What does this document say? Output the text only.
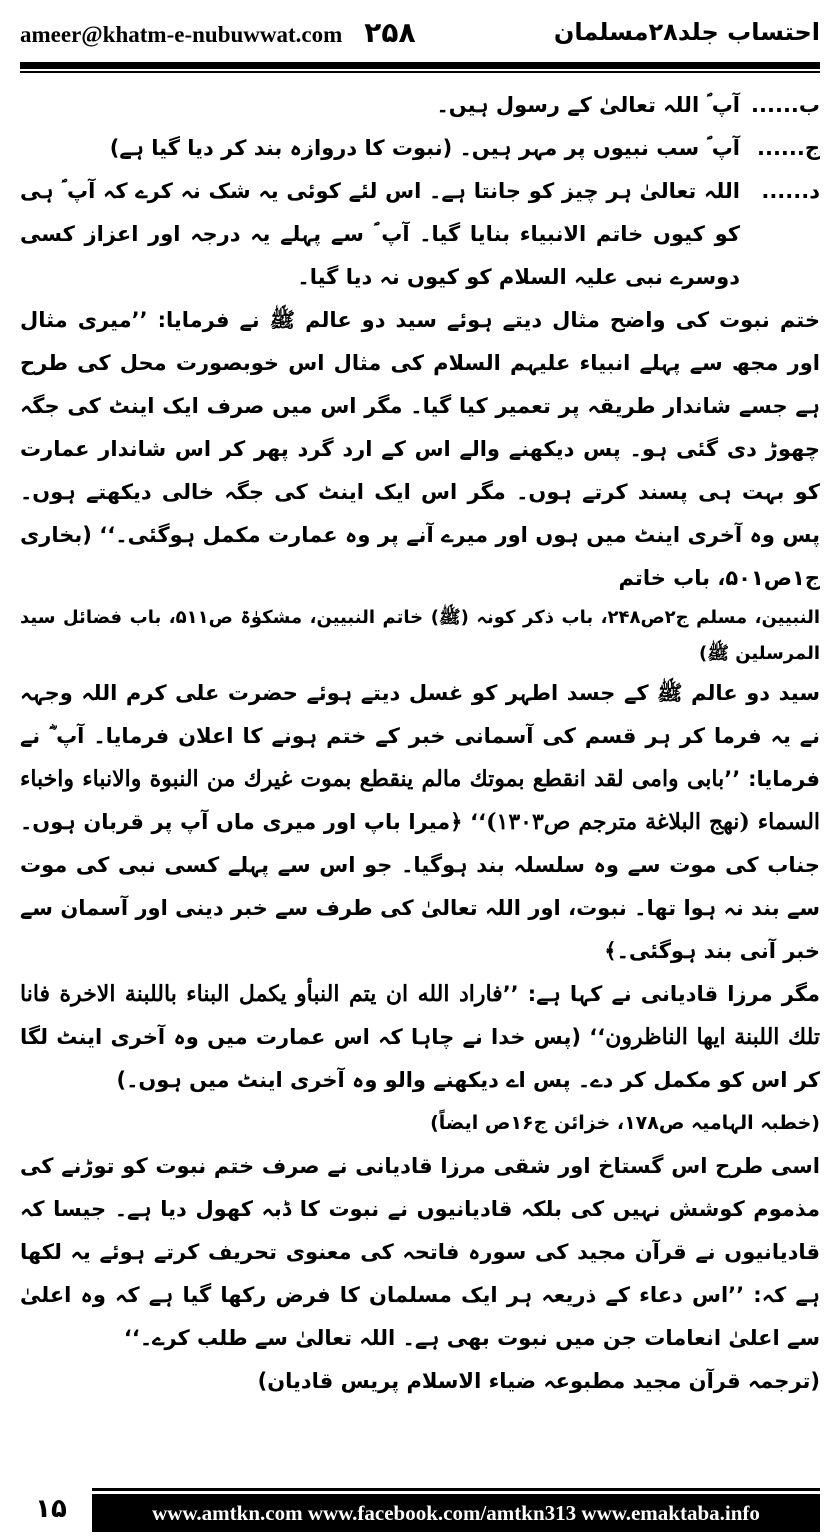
ameer@khatm-e-nubuwwat.com ۲۵۸	احتساب جلد۲۸مسلمان
ب......
آپ ؐ اللہ تعالیٰ کے رسول ہیں۔
ج......
آپ ؐ سب نبیوں پر مہر ہیں۔ (نبوت کا دروازہ بند کر دیا گیا ہے)
د......
اللہ تعالیٰ ہر چیز کو جانتا ہے۔ اس لئے کوئی یہ شک نہ کرے کہ آپ ؐ ہی کو کیوں خاتم الانبیاء بنایا گیا۔ آپ ؐ سے پہلے یہ درجہ اور اعزاز کسی دوسرے نبی علیہ السلام کو کیوں نہ دیا گیا۔

ختم نبوت کی واضح مثال دیتے ہوئے سید دو عالم ﷺ نے فرمایا: ’’میری مثال اور مجھ سے پہلے انبیاء علیہم السلام کی مثال اس خوبصورت محل کی طرح ہے جسے شاندار طریقہ پر تعمیر کیا گیا۔ مگر اس میں صرف ایک اینٹ کی جگہ چھوڑ دی گئی ہو۔ پس دیکھنے والے اس کے ارد گرد پھر کر اس شاندار عمارت کو بہت ہی پسند کرتے ہوں۔ مگر اس ایک اینٹ کی جگہ خالی دیکھتے ہوں۔ پس وہ آخری اینٹ میں ہوں اور میرے آنے پر وہ عمارت مکمل ہوگئی۔‘‘ (بخاری ج۱ص۵۰۱، باب خاتم

النبیین، مسلم ج۲ص۲۴۸، باب ذکر کونہ (ﷺ) خاتم النبیین، مشکوٰۃ ص۵۱۱، باب فضائل سید المرسلین ﷺ)

سید دو عالم ﷺ کے جسد اطہر کو غسل دیتے ہوئے حضرت علی کرم اللہ وجہہ نے یہ فرما کر ہر قسم کی آسمانی خبر کے ختم ہونے کا اعلان فرمایا۔ آپ ؓ نے فرمایا: ’’بابی وامی لقد انقطع بموتك مالم ينقطع بموت غيرك من النبوة والانباء واخباء السماء (نهج البلاغة مترجم ص١٣٠٣)‘‘ ﴿میرا باپ اور میری ماں آپ پر قربان ہوں۔ جناب کی موت سے وہ سلسلہ بند ہوگیا۔ جو اس سے پہلے کسی نبی کی موت سے بند نہ ہوا تھا۔ نبوت، اور اللہ تعالیٰ کی طرف سے خبر دینی اور آسمان سے خبر آنی بند ہوگئی۔﴾

مگر مرزا قادیانی نے کہا ہے: ’’فاراد الله ان يتم النبأو يكمل البناء باللبنة الاخرة فانا تلك اللبنة ايها الناظرون‘‘ (پس خدا نے چاہا کہ اس عمارت میں وہ آخری اینٹ لگا کر اس کو مکمل کر دے۔ پس اے دیکھنے والو وہ آخری اینٹ میں ہوں۔)

(خطبہ الہامیہ ص۱۷۸، خزائن ج۱۶ص ایضاً)

اسی طرح اس گستاخ اور شقی مرزا قادیانی نے صرف ختم نبوت کو توڑنے کی مذموم کوشش نہیں کی بلکہ قادیانیوں نے نبوت کا ڈبہ کھول دیا ہے۔ جیسا کہ قادیانیوں نے قرآن مجید کی سورہ فاتحہ کی معنوی تحریف کرتے ہوئے یہ لکھا ہے کہ: ’’اس دعاء کے ذریعہ ہر ایک مسلمان کا فرض رکھا گیا ہے کہ وہ اعلیٰ سے اعلیٰ انعامات جن میں نبوت بھی ہے۔ اللہ تعالیٰ سے طلب کرے۔‘‘

(ترجمہ قرآن مجید مطبوعہ ضیاء الاسلام پریس قادیان)

۱۵	www.amtkn.com www.facebook.com/amtkn313 www.emaktaba.info
